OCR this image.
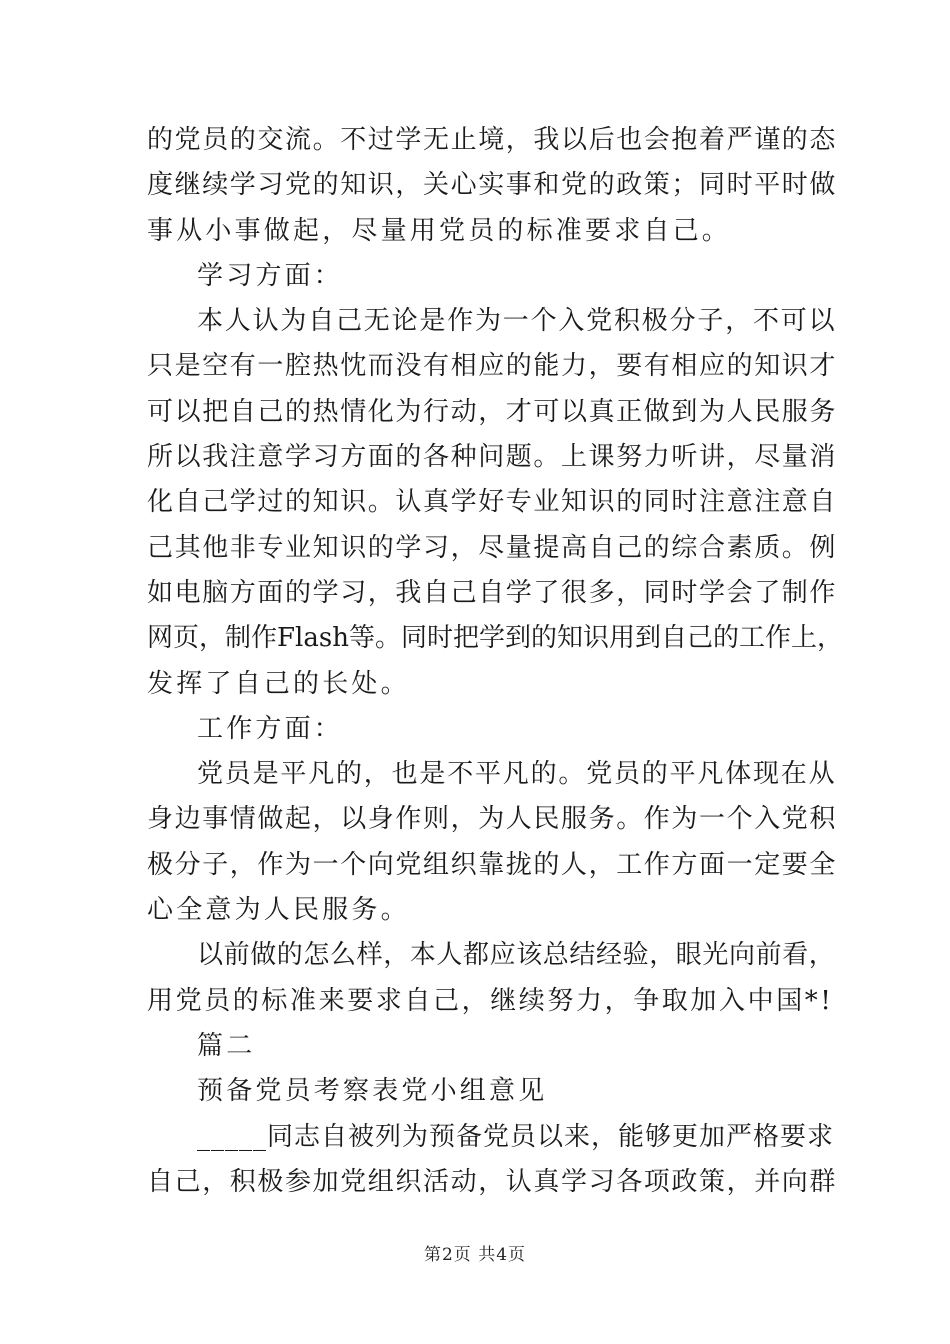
的党员的交流。不过学无止境，我以后也会抱着严谨的态
度继续学习党的知识，关心实事和党的政策；同时平时做
事从小事做起，尽量用党员的标准要求自己。
学习方面：
本人认为自己无论是作为一个入党积极分子，不可以
只是空有一腔热忱而没有相应的能力，要有相应的知识才
可以把自己的热情化为行动，才可以真正做到为人民服务
所以我注意学习方面的各种问题。上课努力听讲，尽量消
化自己学过的知识。认真学好专业知识的同时注意注意自
己其他非专业知识的学习，尽量提高自己的综合素质。例
如电脑方面的学习，我自己自学了很多，同时学会了制作
网页，制作Flash等。同时把学到的知识用到自己的工作上，
发挥了自己的长处。
工作方面：
党员是平凡的，也是不平凡的。党员的平凡体现在从
身边事情做起，以身作则，为人民服务。作为一个入党积
极分子，作为一个向党组织靠拢的人，工作方面一定要全
心全意为人民服务。
以前做的怎么样，本人都应该总结经验，眼光向前看，
用党员的标准来要求自己，继续努力，争取加入中国*!
篇二
预备党员考察表党小组意见
_____同志自被列为预备党员以来，能够更加严格要求
自己，积极参加党组织活动，认真学习各项政策，并向群
第2页 共4页
